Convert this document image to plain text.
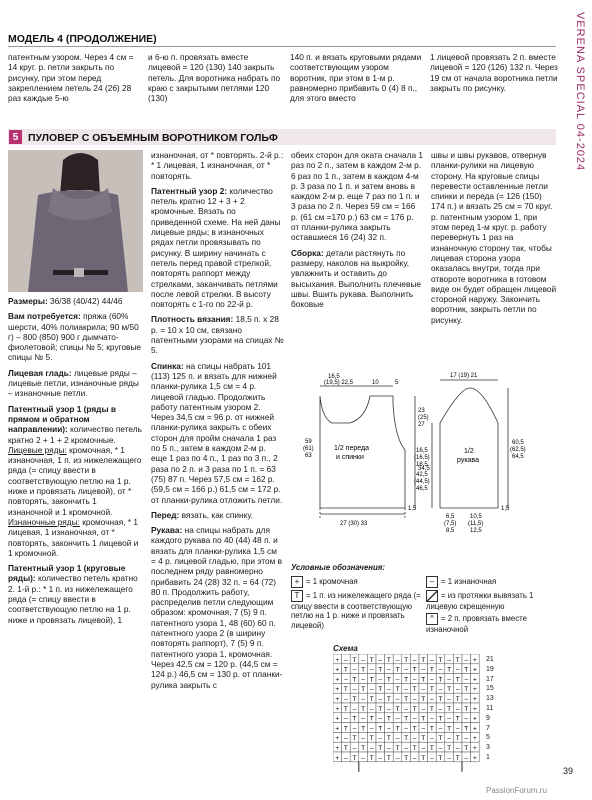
VERENA SPECIAL 04-2024
МОДЕЛЬ 4 (ПРОДОЛЖЕНИЕ)
патентным узором. Через 4 см = 14 круг. р. петли закрыть по рисунку, при этом перед закреплением петель 24 (26) 28 раз каждые 5-ю
и 6-ю п. провязать вместе лицевой = 120 (130) 140 закрыть петель. Для воротника набрать по краю с закрытыми петлями 120 (130)
140 п. и вязать круговыми рядами соответствующим узором воротник, при этом в 1-м р. равномерно прибавить 0 (4) 8 п., для этого вместо
1 лицевой провязать 2 п. вместе лицевой = 120 (126) 132 п. Через 19 см от начала воротника петли закрыть по рисунку.
5 ПУЛОВЕР С ОБЪЕМНЫМ ВОРОТНИКОМ ГОЛЬФ

Размеры: 36/38 (40/42) 44/46

Вам потребуется: пряжа (60% шерсти, 40% полиакрила; 90 м/50 г) – 800 (850) 900 г дымчато-фиолетовой; спицы № 5; круговые спицы № 5.

Лицевая гладь: лицевые ряды – лицевые петли, изнаночные ряды – изнаночные петли.

Патентный узор 1 (ряды в прямом и обратном направлении): количество петель кратно 2 + 1 + 2 кромочные. Лицевые ряды: кромочная, * 1 изнаночная, 1 п. из нижележащего ряда (= спицу ввести в соответствующую петлю на 1 р. ниже и провязать лицевой), от * повторять, закончить 1 изнаночной и 1 кромочной. Изнаночные ряды: кромочная, * 1 лицевая, 1 изнаночная, от * повторять, закончить 1 лицевой и 1 кромочной.

Патентный узор 1 (круговые ряды): количество петель кратно 2. 1-й р.: * 1 п. из нижележащего ряда (= спицу ввести в соответствующую петлю на 1 р. ниже и провязать лицевой), 1

изнаночная, от * повторять. 2-й р.: * 1 лицевая, 1 изнаночная, от * повторять.

Патентный узор 2: количество петель кратно 12 + 3 + 2 кромочные. Вязать по приведенной схеме. На ней даны лицевые ряды; в изнаночных рядах петли провязывать по рисунку. В ширину начинать с петель перед правой стрелкой, повторять раппорт между стрелками, заканчивать петлями после левой стрелки. В высоту повторять с 1-го по 22-й р.

Плотность вязания: 18,5 п. х 28 р. = 10 х 10 см, связано патентными узорами на спицах № 5.

Спинка: на спицы набрать 101 (113) 125 п. и вязать для нижней планки-рулика 1,5 см = 4 р. лицевой гладью. Продолжить работу патентным узором 2. Через 34,5 см = 96 р. от нижней планки-рулика закрыть с обеих сторон для пройм сначала 1 раз по 5 п., затем в каждом 2-м р. еще 1 раз по 4 п., 1 раз по 3 п., 2 раза по 2 п. и 3 раза по 1 п. = 63 (75) 87 п. Через 57,5 см = 162 р. (59,5 см = 166 р.) 61,5 см = 172 р. от планки-рулика отложить петли.

Перед: вязать, как спинку.

Рукава: на спицы набрать для каждого рукава по 40 (44) 48 п. и вязать для планки-рулика 1,5 см = 4 р. лицевой гладью, при этом в последнем ряду равномерно прибавить 24 (28) 32 п. = 64 (72) 80 п. Продолжить работу, распределив петли следующим образом: кромочная, 7 (5) 9 п. патентного узора 1, 48 (60) 60 п. патентного узора 2 (в ширину повторять раппорт), 7 (5) 9 п. патентного узора 1, кромочная. Через 42,5 см = 120 р. (44,5 см = 124 р.) 46,5 см = 130 р. от планки-рулика закрыть с

обеих сторон для оката сначала 1 раз по 2 п., затем в каждом 2-м р. 6 раз по 1 п., затем в каждом 4-м р. 3 раза по 1 п. и затем вновь в каждом 2-м р. еще 7 раз по 1 п. и 3 раза по 2 п. Через 59 см = 166 р. (61 см =170 р.) 63 см = 176 р. от планки-рулика закрыть оставшиеся 16 (24) 32 п.

Сборка: детали растянуть по размеру, наколов на выкройку, увлажнить и оставить до высыхания. Выполнить плечевые швы. Вшить рукава. Выполнить боковые

швы и швы рукавов, отвернув планки-рулики на лицевую сторону. На круговые спицы перевести оставленные петли спинки и переда (= 126 (150) 174 п.) и вязать 25 см = 70 круг. р. патентным узором 1, при этом перед 1-м круг. р. работу перевернуть 1 раз на изнаночную сторону так, чтобы лицевая сторона узора оказалась внутри, тогда при отвороте воротника в готовом виде он будет обращен лицевой стороной наружу. Закончить воротник, закрыть петли по рисунку.

1/2 переда
и спинки
1/2
рукава
16,5
(19,5) 22,5	10	5
23
(25)
27
59
(61)
63
34,5
1,5
27 (30) 33
17 (19) 21
16,5
(16,5)
16,5
42,5
(44,5)
46,5
60,5
(62,5)
64,5
1,5
6,5
(7,5)
8,5
10,5
(11,5)
12,5
Условные обозначения:
+ = 1 кромочная
T = 1 п. из нижележащего ряда (= спицу ввести в соответствующую петлю на 1 р. ниже и провязать лицевой)
– = 1 изнаночная
= из протяжки вывязать 1 лицевую скрещенную
^ = 2 п. провязать вместе изнаночной
Схема
+ – T – T – T – T – T – T – T – +
+ T – T – T – T – T – T – T – T +
+ – T – T – T – T – T – T – T – +
+ T – T – T – T – T – T – T – T +
+ – T – T – T – T – T – T – T – +
+ T – T – T – T – T – T – T – T +
+ – T – T – T – T – T – T – T – +
+ T – T – T – T – T – T – T – T +
+ – T – T – T – T – T – T – T – +
+ T – T – T – T – T – T – T – T +
+ – T – T – T – T – T – T – T – +
21
19
17
15
13
11
9
7
5
3
1
39
PassionForum.ru
